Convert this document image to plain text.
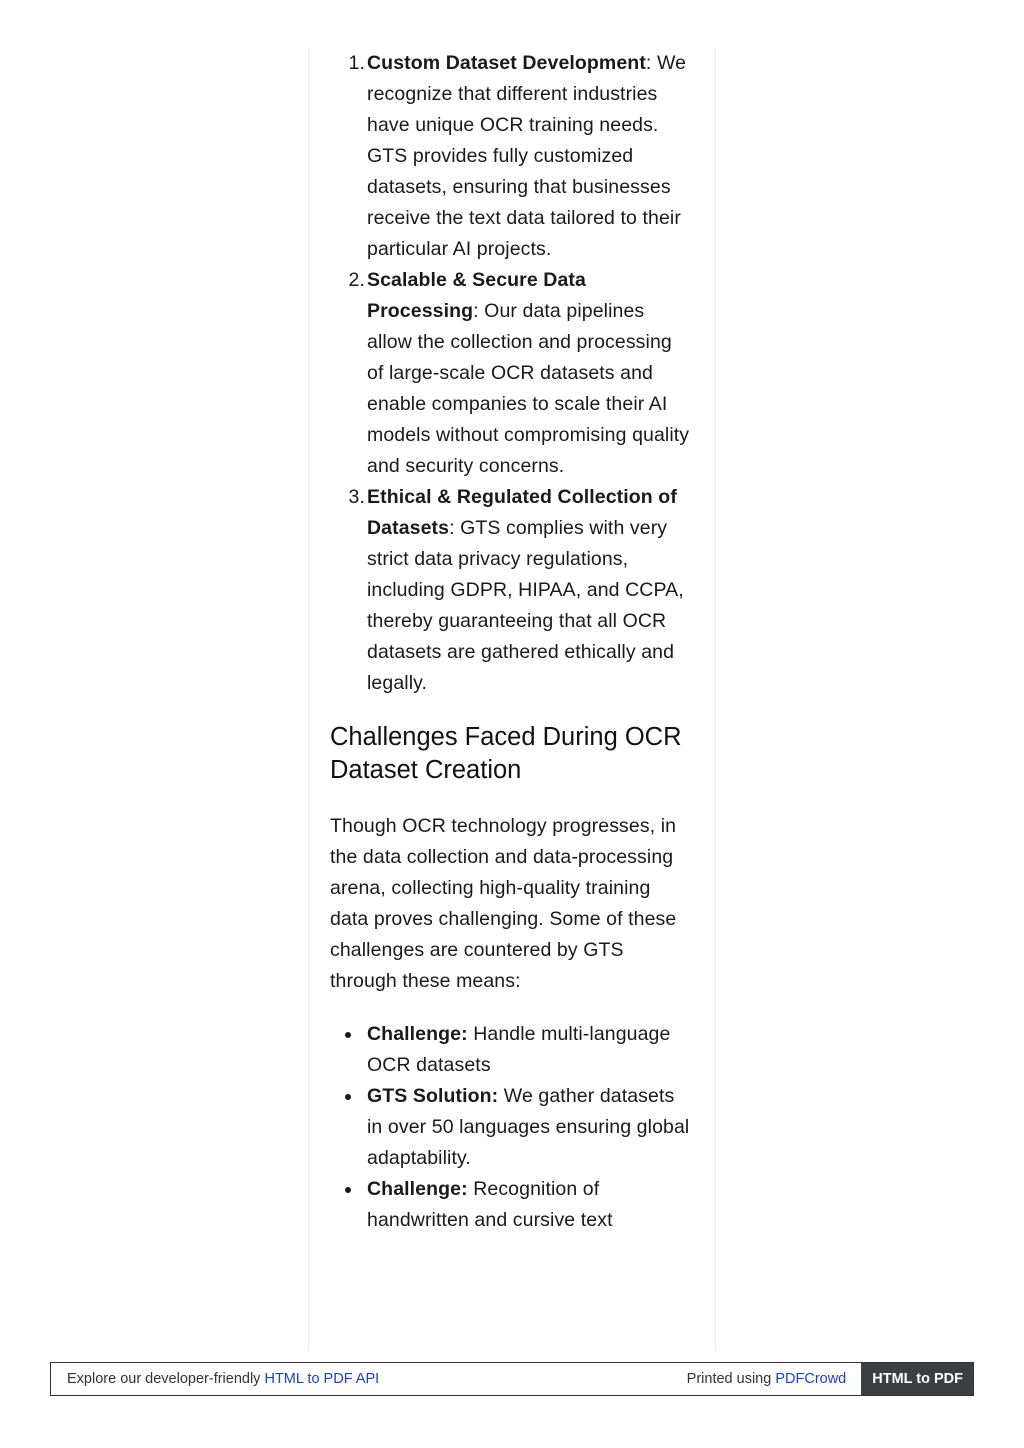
1. Custom Dataset Development: We recognize that different industries have unique OCR training needs. GTS provides fully customized datasets, ensuring that businesses receive the text data tailored to their particular AI projects.
2. Scalable & Secure Data Processing: Our data pipelines allow the collection and processing of large-scale OCR datasets and enable companies to scale their AI models without compromising quality and security concerns.
3. Ethical & Regulated Collection of Datasets: GTS complies with very strict data privacy regulations, including GDPR, HIPAA, and CCPA, thereby guaranteeing that all OCR datasets are gathered ethically and legally.
Challenges Faced During OCR Dataset Creation

Though OCR technology progresses, in the data collection and data-processing arena, collecting high-quality training data proves challenging. Some of these challenges are countered by GTS through these means:

Challenge: Handle multi-language OCR datasets
GTS Solution: We gather datasets in over 50 languages ensuring global adaptability.
Challenge: Recognition of handwritten and cursive text
Explore our developer-friendly HTML to PDF API	Printed using PDFCrowd	HTML to PDF
